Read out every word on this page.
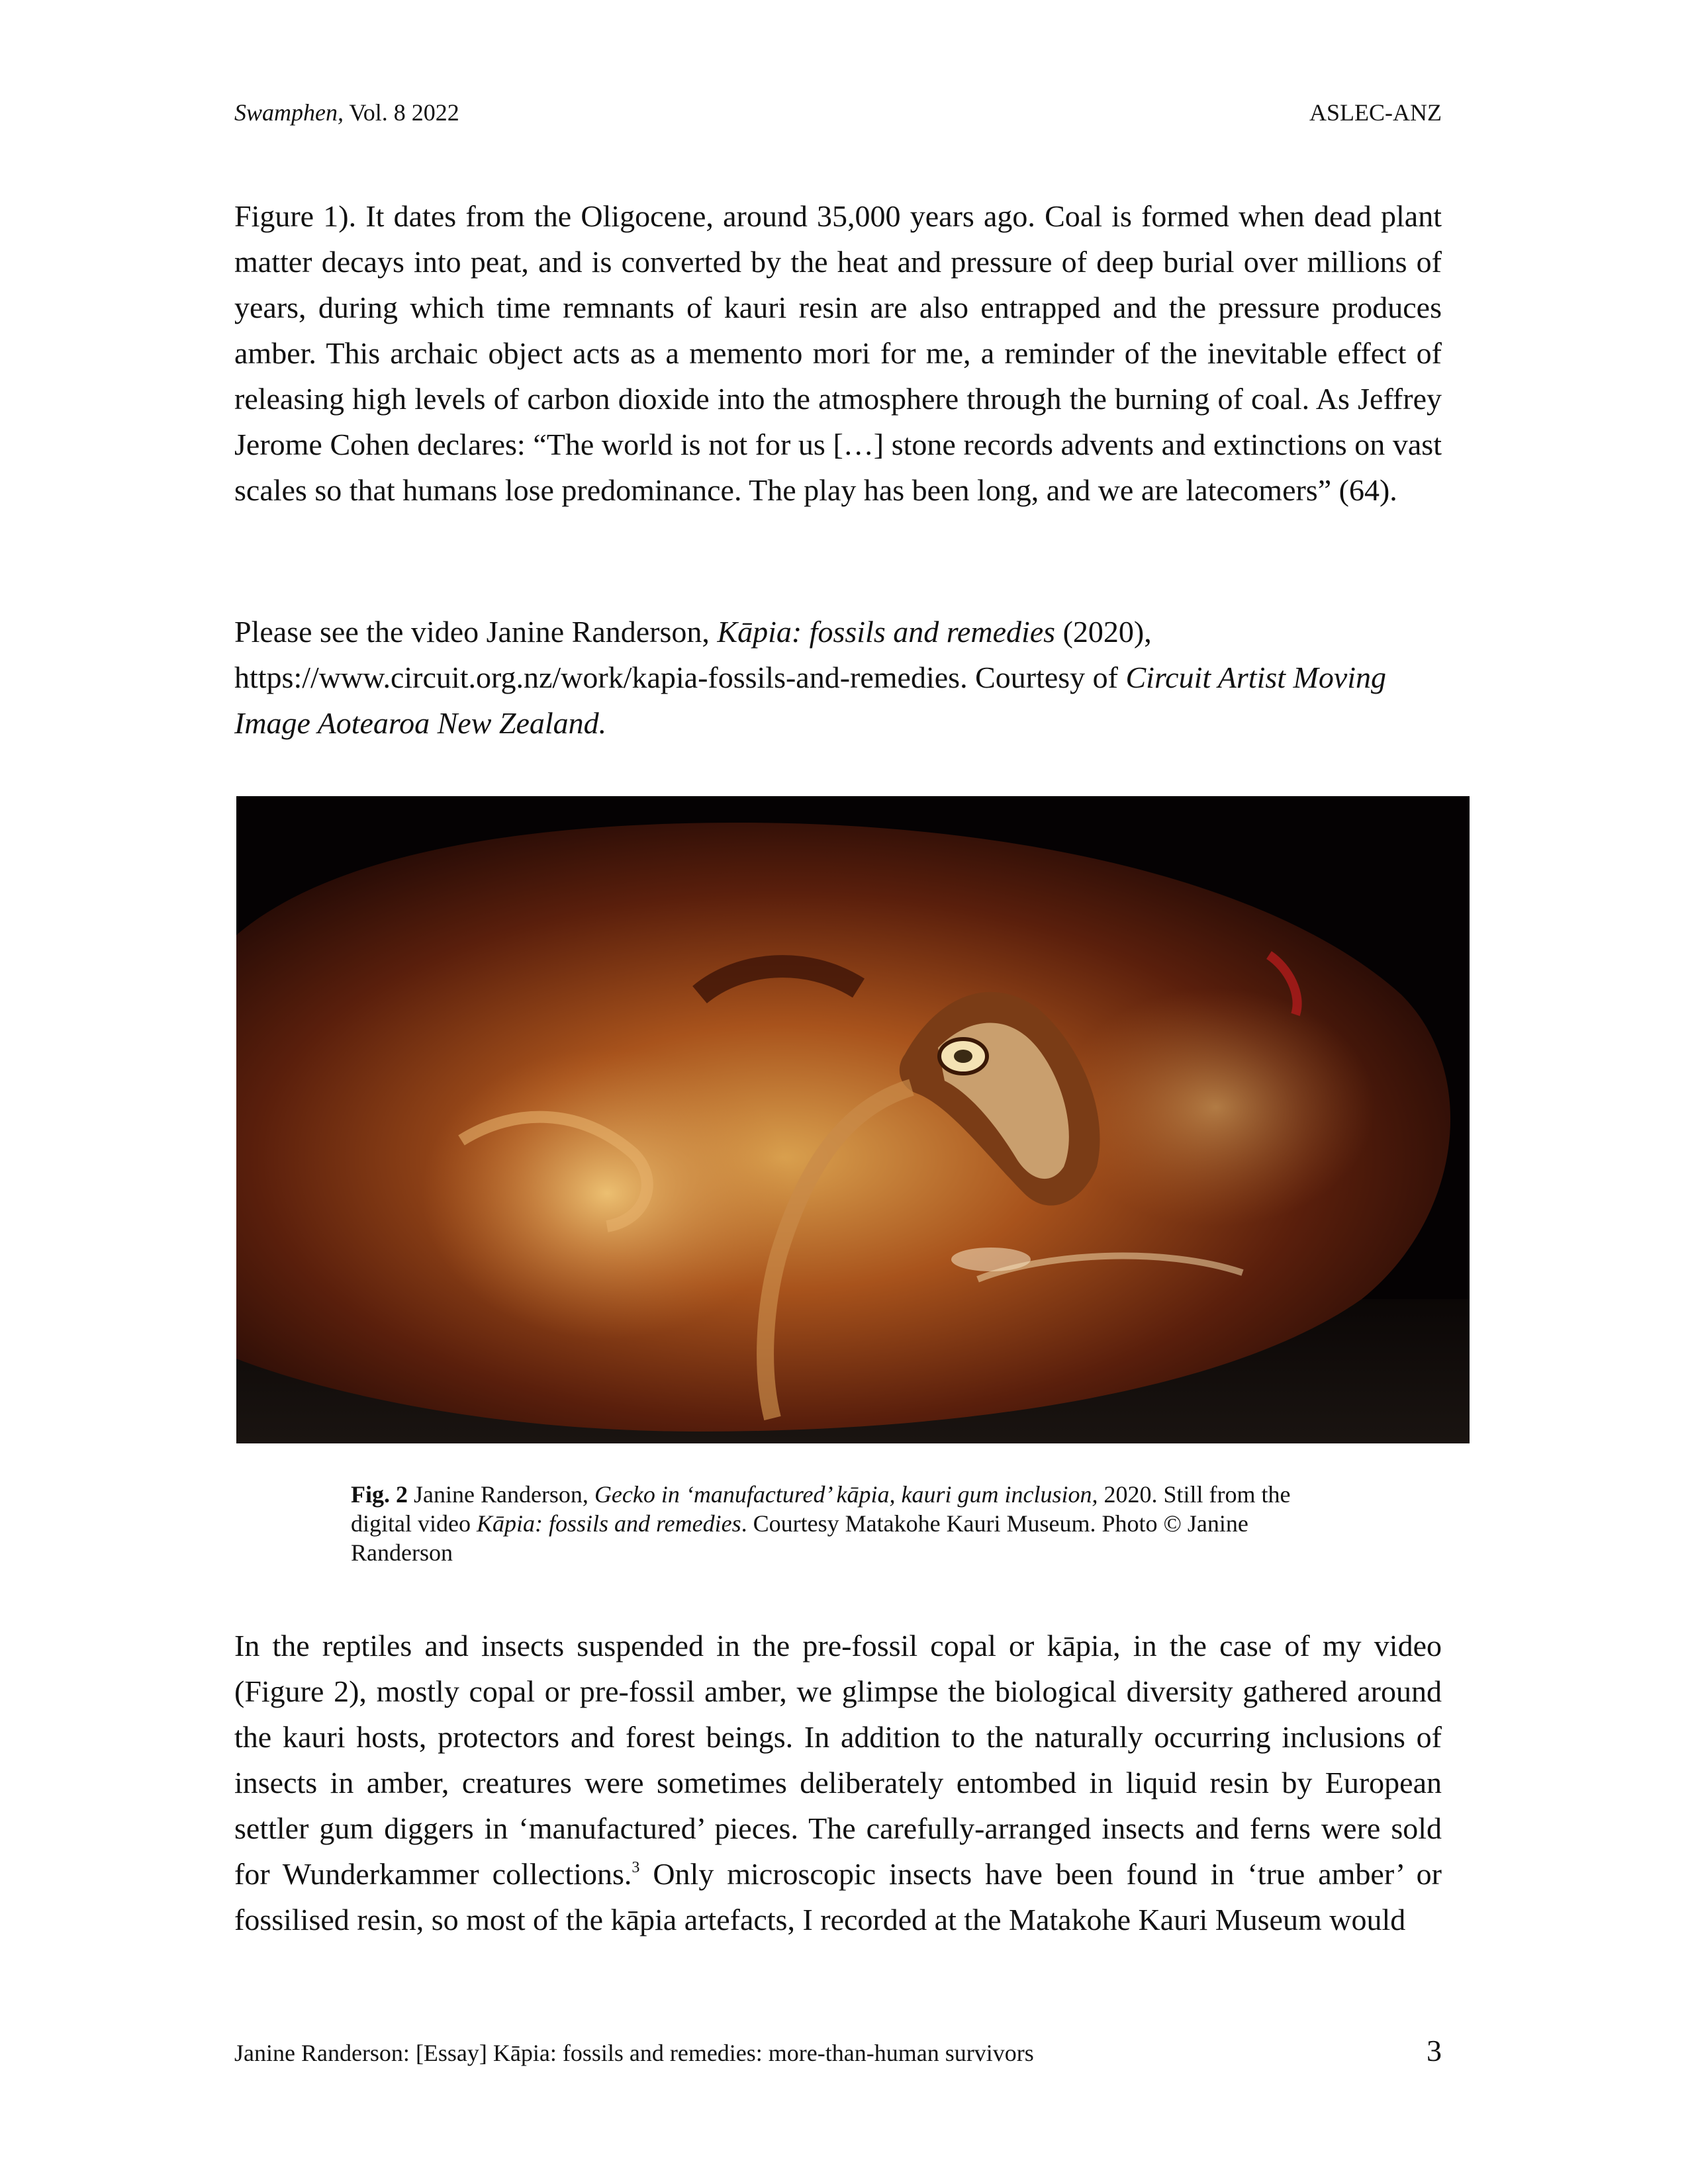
Swamphen, Vol. 8 2022	ASLEC-ANZ

Figure 1). It dates from the Oligocene, around 35,000 years ago. Coal is formed when dead plant matter decays into peat, and is converted by the heat and pressure of deep burial over millions of years, during which time remnants of kauri resin are also entrapped and the pressure produces amber. This archaic object acts as a memento mori for me, a reminder of the inevitable effect of releasing high levels of carbon dioxide into the atmosphere through the burning of coal. As Jeffrey Jerome Cohen declares: “The world is not for us […] stone records advents and extinctions on vast scales so that humans lose predominance. The play has been long, and we are latecomers” (64).

Please see the video Janine Randerson, Kāpia: fossils and remedies (2020), https://www.circuit.org.nz/work/kapia-fossils-and-remedies. Courtesy of Circuit Artist Moving Image Aotearoa New Zealand.

Fig. 2 Janine Randerson, Gecko in ‘manufactured’ kāpia, kauri gum inclusion, 2020. Still from the digital video Kāpia: fossils and remedies. Courtesy Matakohe Kauri Museum. Photo © Janine Randerson

In the reptiles and insects suspended in the pre-fossil copal or kāpia, in the case of my video (Figure 2), mostly copal or pre-fossil amber, we glimpse the biological diversity gathered around the kauri hosts, protectors and forest beings. In addition to the naturally occurring inclusions of insects in amber, creatures were sometimes deliberately entombed in liquid resin by European settler gum diggers in ‘manufactured’ pieces. The carefully-arranged insects and ferns were sold for Wunderkammer collections.$^3$ Only microscopic insects have been found in ‘true amber’ or fossilised resin, so most of the kāpia artefacts, I recorded at the Matakohe Kauri Museum would

Janine Randerson: [Essay] Kāpia: fossils and remedies: more-than-human survivors	3
